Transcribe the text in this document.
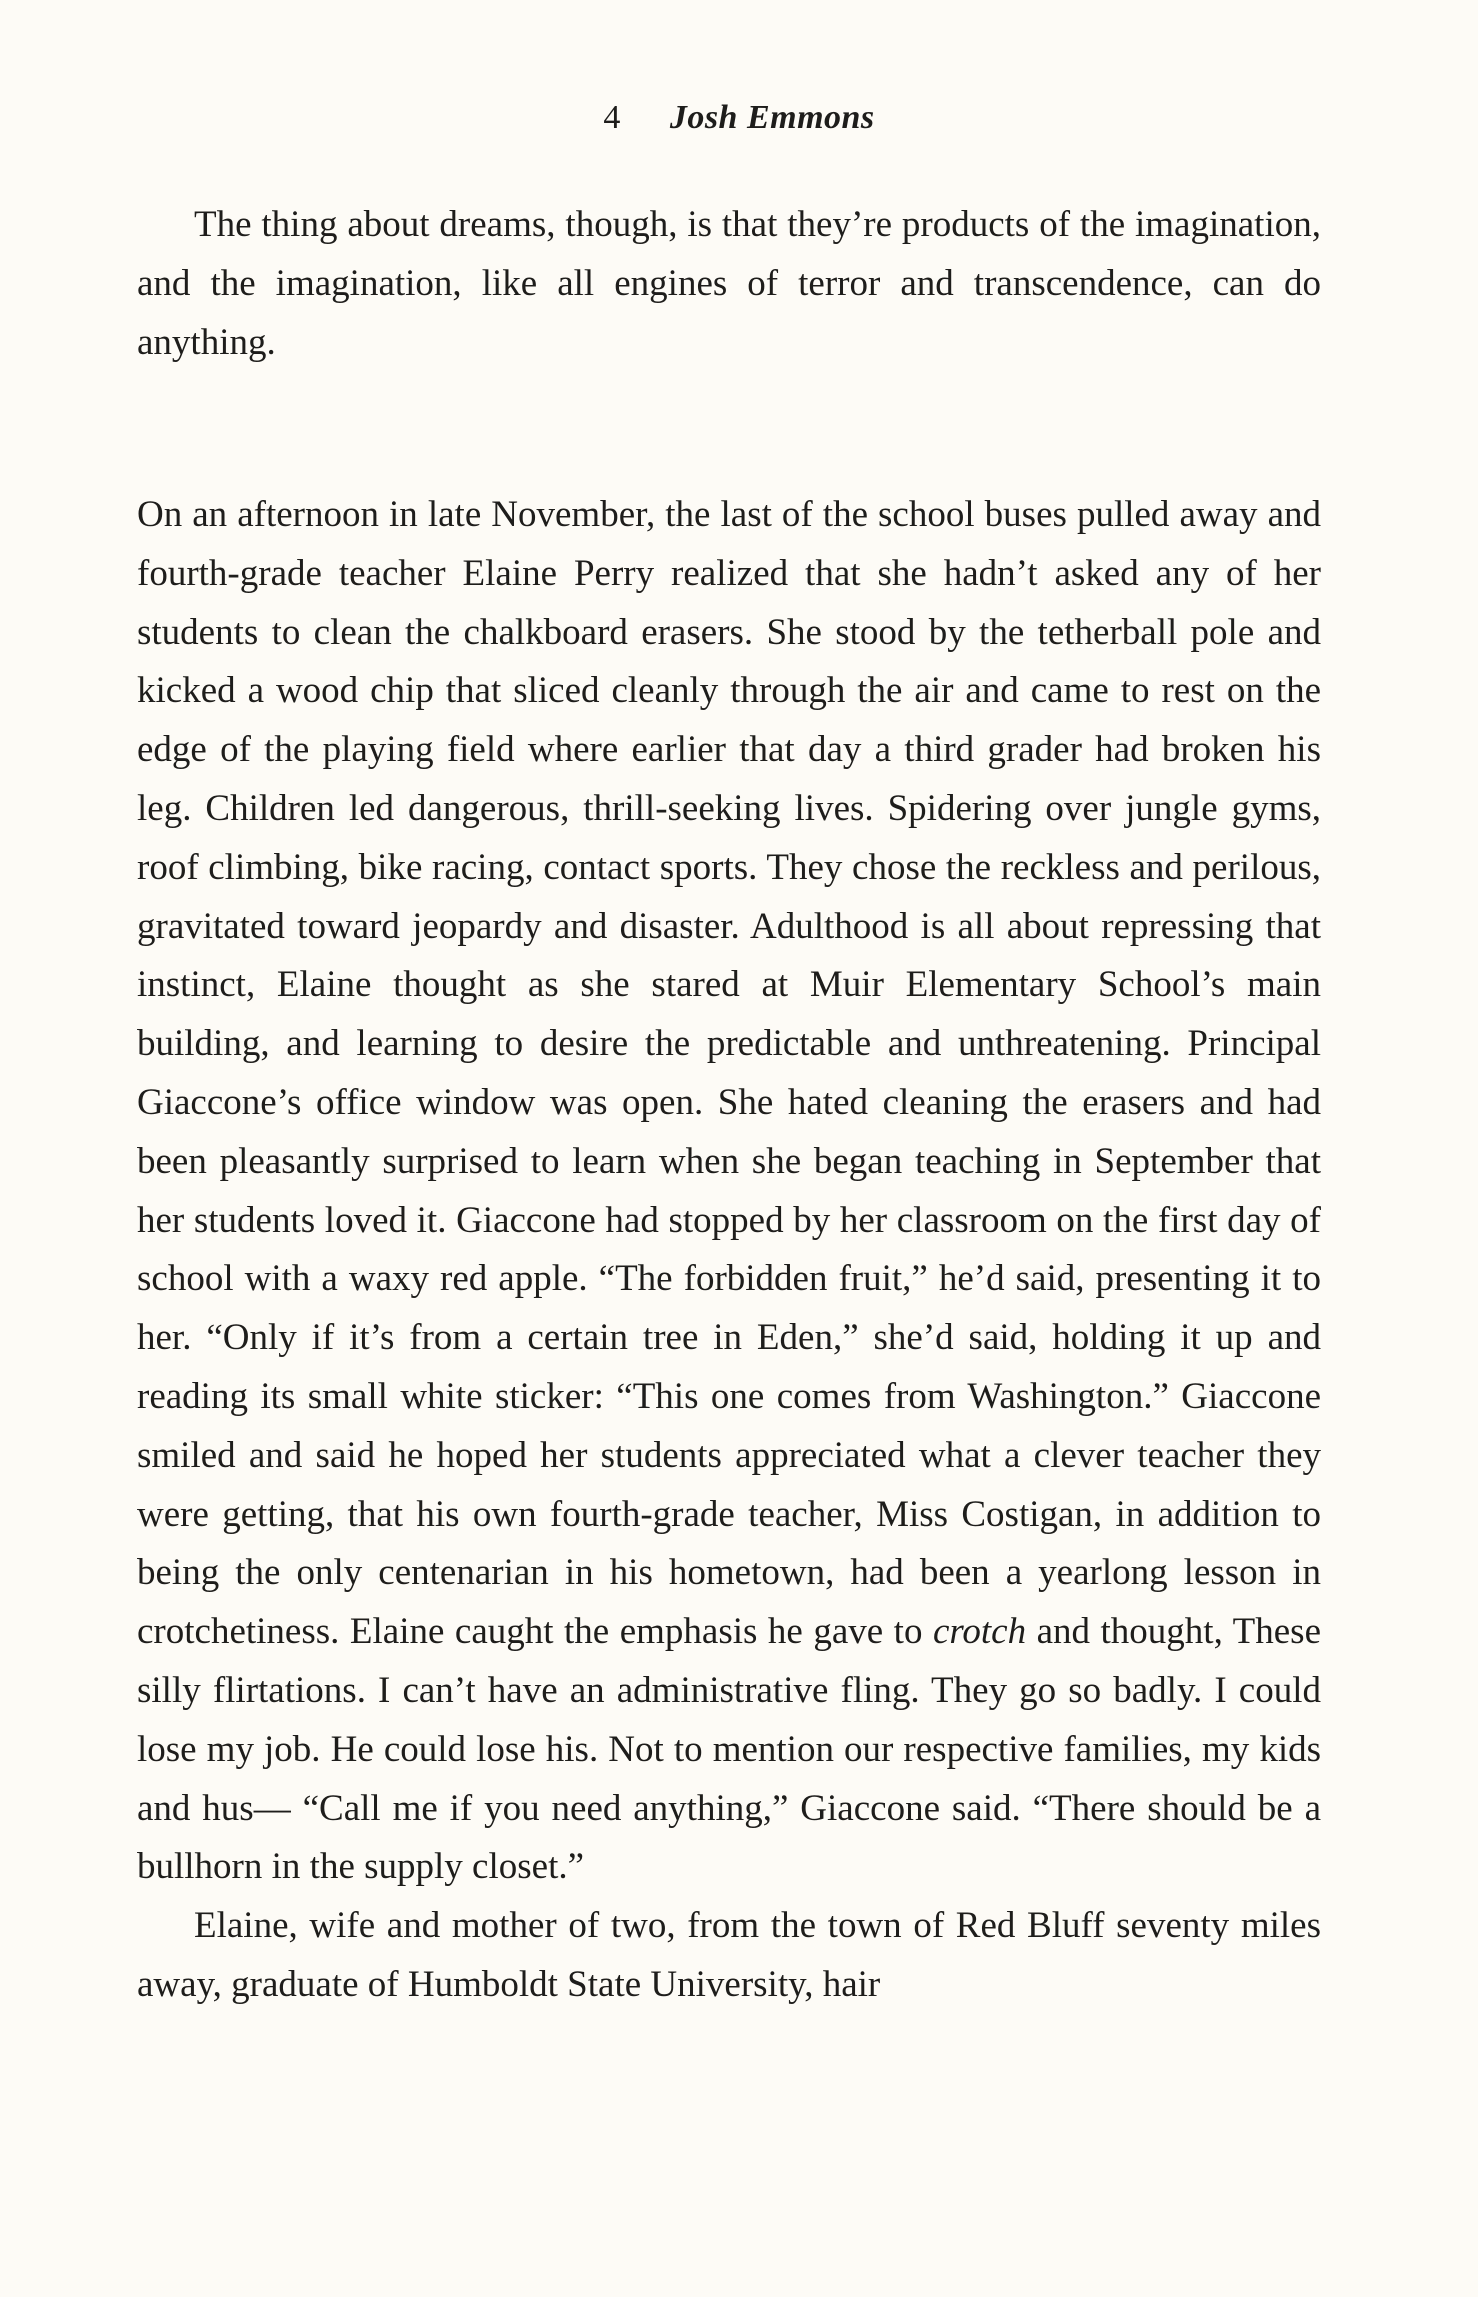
4 Josh Emmons

The thing about dreams, though, is that they’re products of the imagination, and the imagination, like all engines of terror and transcendence, can do anything.

On an afternoon in late November, the last of the school buses pulled away and fourth-grade teacher Elaine Perry realized that she hadn’t asked any of her students to clean the chalkboard erasers. She stood by the tetherball pole and kicked a wood chip that sliced cleanly through the air and came to rest on the edge of the playing field where earlier that day a third grader had broken his leg. Children led dangerous, thrill-seeking lives. Spidering over jungle gyms, roof climbing, bike racing, contact sports. They chose the reckless and perilous, gravitated toward jeopardy and disaster. Adulthood is all about repressing that instinct, Elaine thought as she stared at Muir Elementary School’s main building, and learning to desire the predictable and unthreatening. Principal Giaccone’s office window was open. She hated cleaning the erasers and had been pleasantly surprised to learn when she began teaching in September that her students loved it. Giaccone had stopped by her classroom on the first day of school with a waxy red apple. “The forbidden fruit,” he’d said, presenting it to her. “Only if it’s from a certain tree in Eden,” she’d said, holding it up and reading its small white sticker: “This one comes from Washington.” Giaccone smiled and said he hoped her students appreciated what a clever teacher they were getting, that his own fourth-grade teacher, Miss Costigan, in addition to being the only centenarian in his hometown, had been a yearlong lesson in crotchetiness. Elaine caught the emphasis he gave to crotch and thought, These silly flirtations. I can’t have an administrative fling. They go so badly. I could lose my job. He could lose his. Not to mention our respective families, my kids and hus— “Call me if you need anything,” Giaccone said. “There should be a bullhorn in the supply closet.”

Elaine, wife and mother of two, from the town of Red Bluff seventy miles away, graduate of Humboldt State University, hair
